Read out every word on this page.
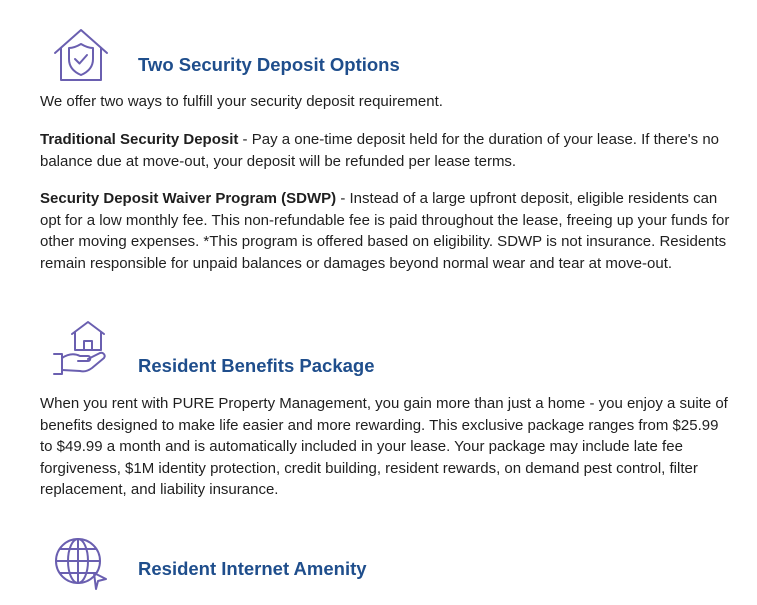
Two Security Deposit Options

We offer two ways to fulfill your security deposit requirement.

Traditional Security Deposit - Pay a one-time deposit held for the duration of your lease. If there's no balance due at move-out, your deposit will be refunded per lease terms.

Security Deposit Waiver Program (SDWP) - Instead of a large upfront deposit, eligible residents can opt for a low monthly fee. This non-refundable fee is paid throughout the lease, freeing up your funds for other moving expenses. *This program is offered based on eligibility. SDWP is not insurance. Residents remain responsible for unpaid balances or damages beyond normal wear and tear at move-out.

Resident Benefits Package

When you rent with PURE Property Management, you gain more than just a home - you enjoy a suite of benefits designed to make life easier and more rewarding. This exclusive package ranges from $25.99 to $49.99 a month and is automatically included in your lease. Your package may include late fee forgiveness, $1M identity protection, credit building, resident rewards, on demand pest control, filter replacement, and liability insurance.

Resident Internet Amenity
